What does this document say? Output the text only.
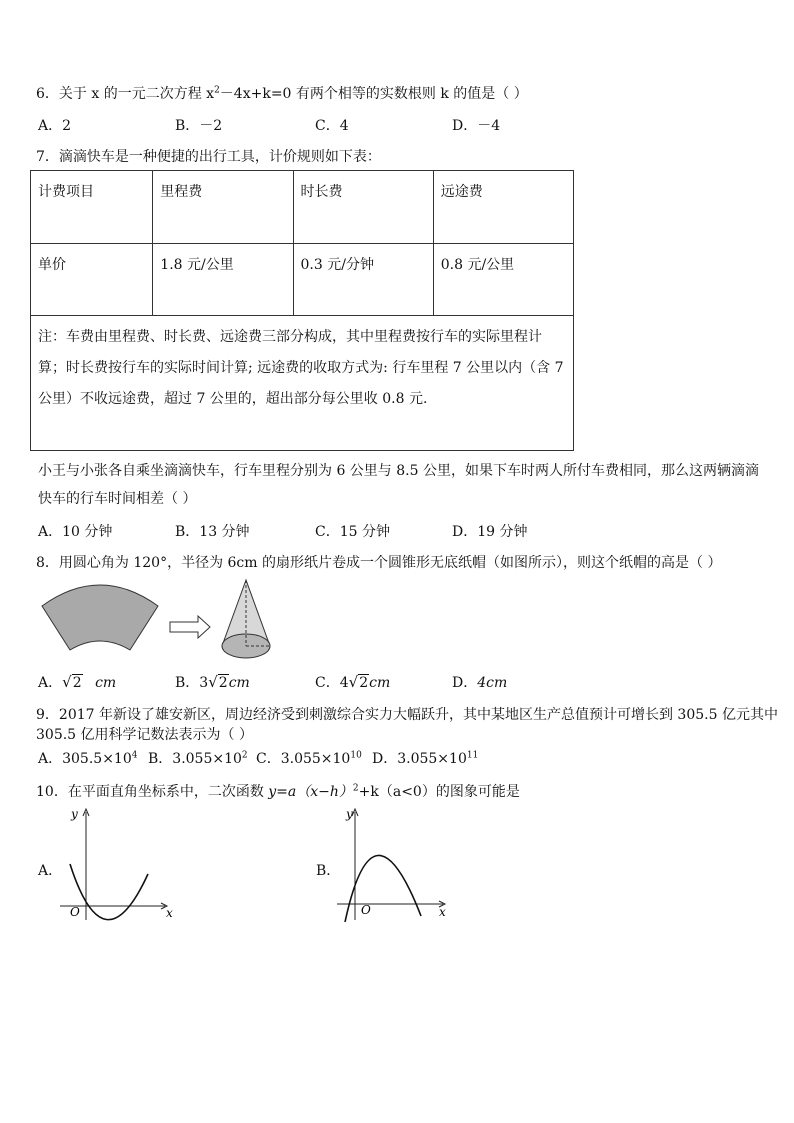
6．关于 x 的一元二次方程 $x^2-4x+k=0$ 有两个相等的实数根则 k 的值是（ ）
A．2	B．－2	C．4	D．－4
7．滴滴快车是一种便捷的出行工具，计价规则如下表：
计费项目	里程费	时长费	远途费
单价	1.8 元/公里	0.3 元/分钟	0.8 元/公里
注：车费由里程费、时长费、远途费三部分构成，其中里程费按行车的实际里程计算；时长费按行车的实际时间计算; 远途费的收取方式为: 行车里程 7 公里以内（含 7 公里）不收远途费，超过 7 公里的，超出部分每公里收 0.8 元.			
小王与小张各自乘坐滴滴快车，行车里程分别为 6 公里与 8.5 公里，如果下车时两人所付车费相同，那么这两辆滴滴
快车的行车时间相差（ ）
A．10 分钟	B．13 分钟	C．15 分钟	D．19 分钟
8．用圆心角为 120°，半径为 6cm 的扇形纸片卷成一个圆锥形无底纸帽（如图所示），则这个纸帽的高是（ ）
A．√2 cm	B．3√2cm	C．4√2cm	D．4cm
9．2017 年新设了雄安新区，周边经济受到刺激综合实力大幅跃升，其中某地区生产总值预计可增长到 305.5 亿元其中
305.5 亿用科学记数法表示为（ ）
A．$305.5\times 10^4$ B．$3.055\times 10^2$ C．$3.055\times 10^{10}$ D．$3.055\times 10^{11}$
10．在平面直角坐标系中，二次函数 $y=a(x-h)^2+k(a<0)$的图象可能是
A．
O	x
y
B．
O	x
y
